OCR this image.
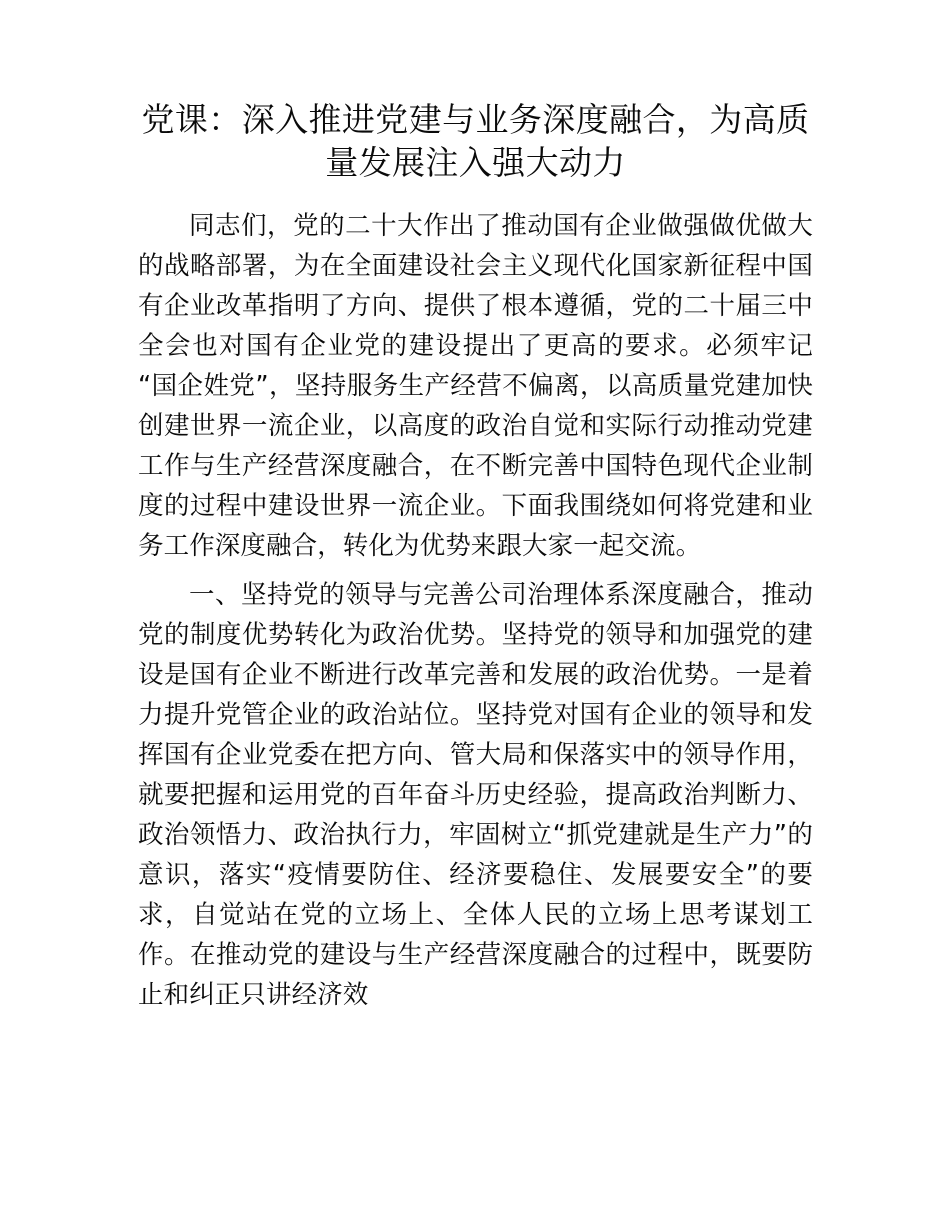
党课：深入推进党建与业务深度融合，为高质量发展注入强大动力

同志们，党的二十大作出了推动国有企业做强做优做大的战略部署，为在全面建设社会主义现代化国家新征程中国有企业改革指明了方向、提供了根本遵循，党的二十届三中全会也对国有企业党的建设提出了更高的要求。必须牢记“国企姓党”，坚持服务生产经营不偏离，以高质量党建加快创建世界一流企业，以高度的政治自觉和实际行动推动党建工作与生产经营深度融合，在不断完善中国特色现代企业制度的过程中建设世界一流企业。下面我围绕如何将党建和业务工作深度融合，转化为优势来跟大家一起交流。

一、坚持党的领导与完善公司治理体系深度融合，推动党的制度优势转化为政治优势。坚持党的领导和加强党的建设是国有企业不断进行改革完善和发展的政治优势。一是着力提升党管企业的政治站位。坚持党对国有企业的领导和发挥国有企业党委在把方向、管大局和保落实中的领导作用，就要把握和运用党的百年奋斗历史经验，提高政治判断力、政治领悟力、政治执行力，牢固树立“抓党建就是生产力”的意识，落实“疫情要防住、经济要稳住、发展要安全”的要求，自觉站在党的立场上、全体人民的立场上思考谋划工作。在推动党的建设与生产经营深度融合的过程中，既要防止和纠正只讲经济效
